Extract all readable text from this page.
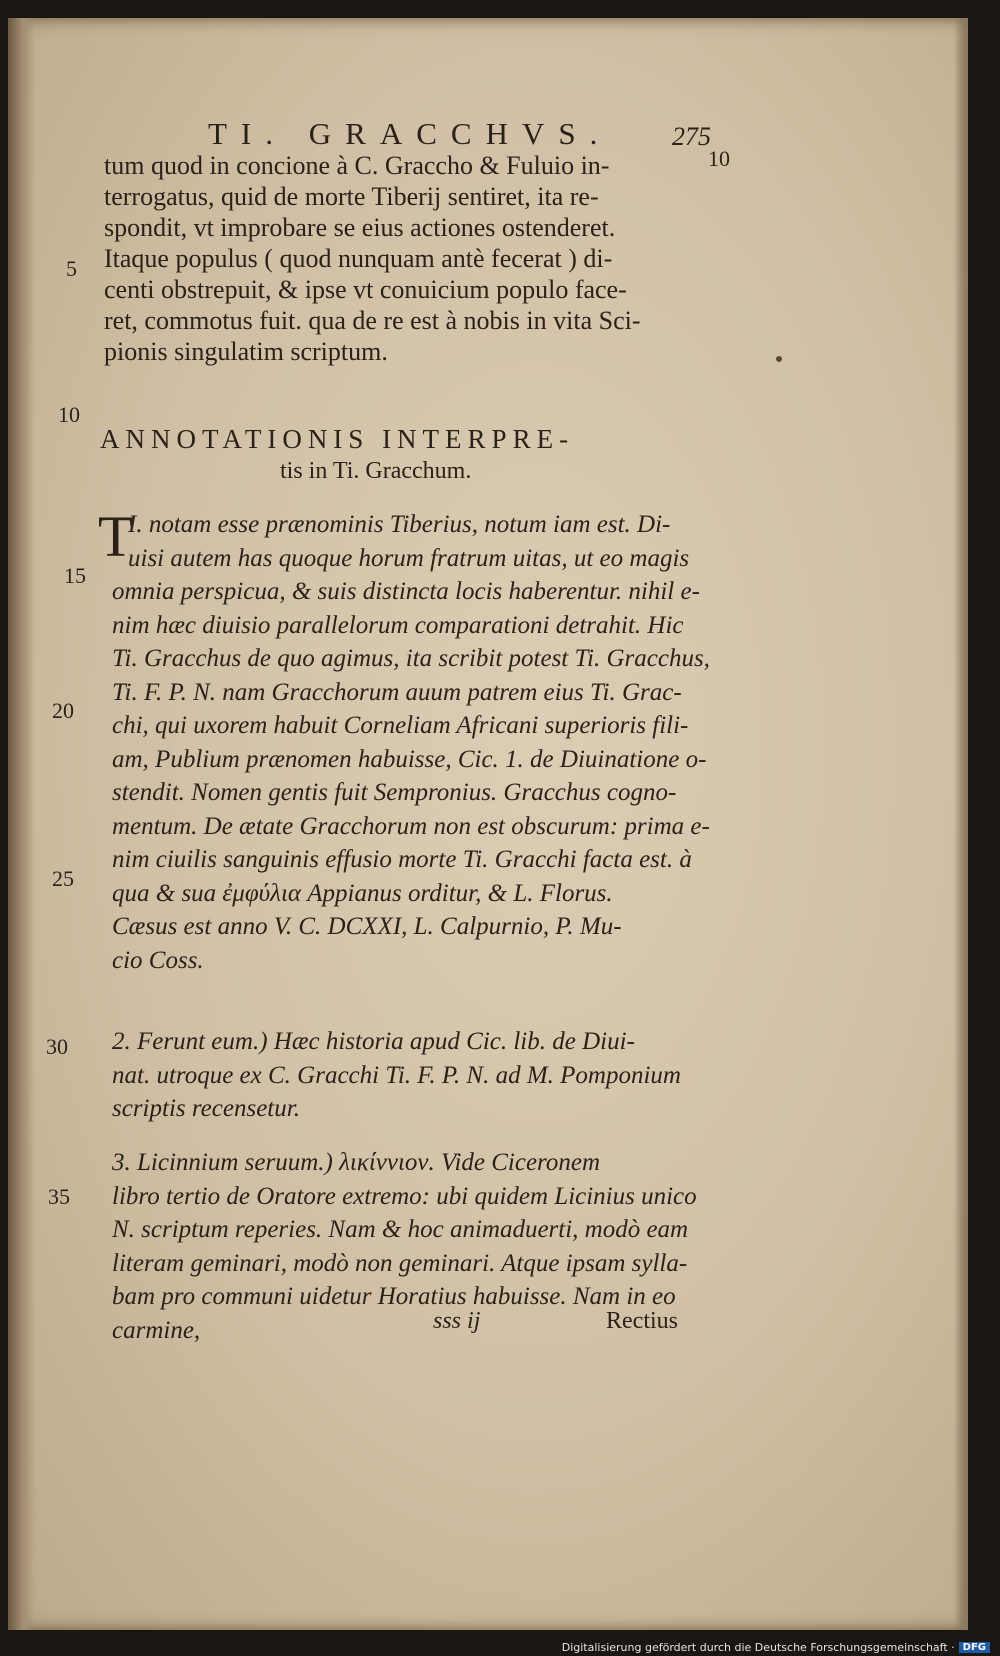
TI. GRACCHVS. 275
tum quod in concione à C. Graccho & Fuluio in-
terrogatus, quid de morte Tiberij sentiret, ita re-
spondit, vt improbare se eius actiones ostenderet.
Itaque populus ( quod nunquam antè fecerat ) di-
centi obstrepuit, & ipse vt conuicium populo face-
ret, commotus fuit. qua de re est à nobis in vita Sci-
pionis singulatim scriptum.
10
5
10
15
20
25
30
35
ANNOTATIONIS INTERPRE-
tis in Ti. Gracchum.
T
I. notam esse prænominis Tiberius, notum iam est. Di-
uisi autem has quoque horum fratrum uitas, ut eo magis
omnia perspicua, & suis distincta locis haberentur. nihil e-
nim hæc diuisio parallelorum comparationi detrahit. Hic
Ti. Gracchus de quo agimus, ita scribit potest Ti. Gracchus,
Ti. F. P. N. nam Gracchorum auum patrem eius Ti. Grac-
chi, qui uxorem habuit Corneliam Africani superioris fili-
am, Publium prænomen habuisse, Cic. 1. de Diuinatione o-
stendit. Nomen gentis fuit Sempronius. Gracchus cogno-
mentum. De ætate Gracchorum non est obscurum: prima e-
nim ciuilis sanguinis effusio morte Ti. Gracchi facta est. à
qua & sua ἐμφύλια Appianus orditur, & L. Florus.
Cæsus est anno V. C. DCXXI, L. Calpurnio, P. Mu-
cio Coss.
2. Ferunt eum.) Hæc historia apud Cic. lib. de Diui-
nat. utroque ex C. Gracchi Ti. F. P. N. ad M. Pomponium
scriptis recensetur.
3. Licinnium seruum.) λικίννιον. Vide Ciceronem
libro tertio de Oratore extremo: ubi quidem Licinius unico
N. scriptum reperies. Nam & hoc animaduerti, modò eam
literam geminari, modò non geminari. Atque ipsam sylla-
bam pro communi uidetur Horatius habuisse. Nam in eo
carmine,	sss ij	Rectius
Digitalisierung gefördert durch die Deutsche Forschungsgemeinschaft · DFG
